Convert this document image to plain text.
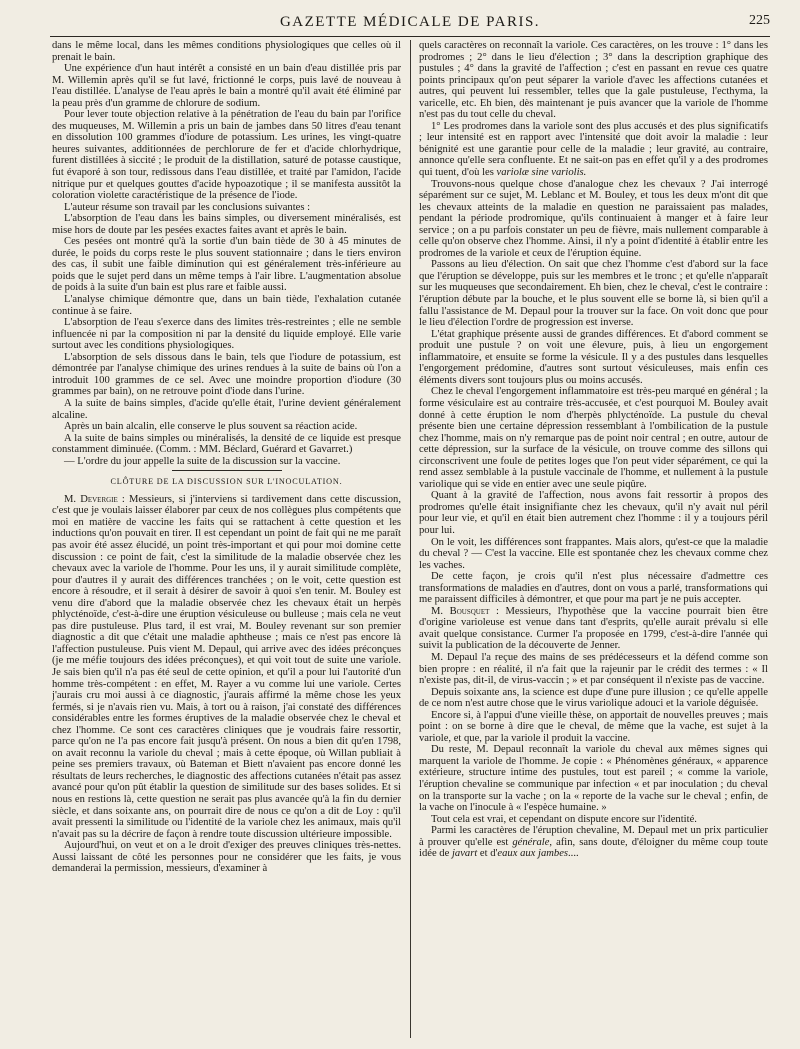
GAZETTE MÉDICALE DE PARIS.	225

dans le même local, dans les mêmes conditions physiologiques que celles où il prenait le bain.

Une expérience d'un haut intérêt a consisté en un bain d'eau distillée pris par M. Willemin après qu'il se fut lavé, frictionné le corps, puis lavé de nouveau à l'eau distillée. L'analyse de l'eau après le bain a montré qu'il avait été éliminé par la peau près d'un gramme de chlorure de sodium.

Pour lever toute objection relative à la pénétration de l'eau du bain par l'orifice des muqueuses, M. Willemin a pris un bain de jambes dans 50 litres d'eau tenant en dissolution 100 grammes d'iodure de potassium. Les urines, les vingt-quatre heures suivantes, additionnées de perchlorure de fer et d'acide chlorhydrique, furent distillées à siccité ; le produit de la distillation, saturé de potasse caustique, fut évaporé à son tour, redissous dans l'eau distillée, et traité par l'amidon, l'acide nitrique pur et quelques gouttes d'acide hypoazotique ; il se manifesta aussitôt la coloration violette caractéristique de la présence de l'iode.

L'auteur résume son travail par les conclusions suivantes :

L'absorption de l'eau dans les bains simples, ou diversement minéralisés, est mise hors de doute par les pesées exactes faites avant et après le bain.

Ces pesées ont montré qu'à la sortie d'un bain tiède de 30 à 45 minutes de durée, le poids du corps reste le plus souvent stationnaire ; dans le tiers environ des cas, il subit une faible diminution qui est généralement très-inférieure au poids que le sujet perd dans un même temps à l'air libre. L'augmentation absolue de poids à la suite d'un bain est plus rare et faible aussi.

L'analyse chimique démontre que, dans un bain tiède, l'exhalation cutanée continue à se faire.

L'absorption de l'eau s'exerce dans des limites très-restreintes ; elle ne semble influencée ni par la composition ni par la densité du liquide employé. Elle varie surtout avec les conditions physiologiques.

L'absorption de sels dissous dans le bain, tels que l'iodure de potassium, est démontrée par l'analyse chimique des urines rendues à la suite de bains où l'on a introduit 100 grammes de ce sel. Avec une moindre proportion d'iodure (30 grammes par bain), on ne retrouve point d'iode dans l'urine.

A la suite de bains simples, d'acide qu'elle était, l'urine devient généralement alcaline.

Après un bain alcalin, elle conserve le plus souvent sa réaction acide.

A la suite de bains simples ou minéralisés, la densité de ce liquide est presque constamment diminuée. (Comm. : MM. Béclard, Guérard et Gavarret.)

— L'ordre du jour appelle la suite de la discussion sur la vaccine.

CLÔTURE DE LA DISCUSSION SUR L'INOCULATION.

M. Devergie : Messieurs, si j'interviens si tardivement dans cette discussion, c'est que je voulais laisser élaborer par ceux de nos collègues plus compétents que moi en matière de vaccine les faits qui se rattachent à cette question et les inductions qu'on pouvait en tirer. Il est cependant un point de fait qui ne me paraît pas avoir été assez élucidé, un point très-important et qui pour moi domine cette discussion : ce point de fait, c'est la similitude de la maladie observée chez les chevaux avec la variole de l'homme. Pour les uns, il y aurait similitude complète, pour d'autres il y aurait des différences tranchées ; on le voit, cette question est encore à résoudre, et il serait à désirer de savoir à quoi s'en tenir. M. Bouley est venu dire d'abord que la maladie observée chez les chevaux était un herpès phlycténoïde, c'est-à-dire une éruption vésiculeuse ou bulleuse ; mais cela ne veut pas dire pustuleuse. Plus tard, il est vrai, M. Bouley revenant sur son premier diagnostic a dit que c'était une maladie aphtheuse ; mais ce n'est pas encore là l'affection pustuleuse. Puis vient M. Depaul, qui arrive avec des idées préconçues (je me méfie toujours des idées préconçues), et qui voit tout de suite une variole. Je sais bien qu'il n'a pas été seul de cette opinion, et qu'il a pour lui l'autorité d'un homme très-compétent : en effet, M. Rayer a vu comme lui une variole. Certes j'aurais cru moi aussi à ce diagnostic, j'aurais affirmé la même chose les yeux fermés, si je n'avais rien vu. Mais, à tort ou à raison, j'ai constaté des différences considérables entre les formes éruptives de la maladie observée chez le cheval et chez l'homme. Ce sont ces caractères cliniques que je voudrais faire ressortir, parce qu'on ne l'a pas encore fait jusqu'à présent. On nous a bien dit qu'en 1798, on avait reconnu la variole du cheval ; mais à cette époque, où Willan publiait à peine ses premiers travaux, où Bateman et Biett n'avaient pas encore donné les résultats de leurs recherches, le diagnostic des affections cutanées n'était pas assez avancé pour qu'on pût établir la question de similitude sur des bases solides. Et si nous en restions là, cette question ne serait pas plus avancée qu'à la fin du dernier siècle, et dans soixante ans, on pourrait dire de nous ce qu'on a dit de Loy : qu'il avait pressenti la similitude ou l'identité de la variole chez les animaux, mais qu'il n'avait pas su la décrire de façon à rendre toute discussion ultérieure impossible.

Aujourd'hui, on veut et on a le droit d'exiger des preuves cliniques très-nettes. Aussi laissant de côté les personnes pour ne considérer que les faits, je vous demanderai la permission, messieurs, d'examiner à

quels caractères on reconnaît la variole. Ces caractères, on les trouve : 1° dans les prodromes ; 2° dans le lieu d'élection ; 3° dans la description graphique des pustules ; 4° dans la gravité de l'affection ; c'est en passant en revue ces quatre points principaux qu'on peut séparer la variole d'avec les affections cutanées et autres, qui peuvent lui ressembler, telles que la gale pustuleuse, l'ecthyma, la varicelle, etc. Eh bien, dès maintenant je puis avancer que la variole de l'homme n'est pas du tout celle du cheval.

1° Les prodromes dans la variole sont des plus accusés et des plus significatifs ; leur intensité est en rapport avec l'intensité que doit avoir la maladie : leur bénignité est une garantie pour celle de la maladie ; leur gravité, au contraire, annonce qu'elle sera confluente. Et ne sait-on pas en effet qu'il y a des prodromes qui tuent, d'où les variolæ sine variolis.

Trouvons-nous quelque chose d'analogue chez les chevaux ? J'ai interrogé séparément sur ce sujet, M. Leblanc et M. Bouley, et tous les deux m'ont dit que les chevaux atteints de la maladie en question ne paraissaient pas malades, pendant la période prodromique, qu'ils continuaient à manger et à faire leur service ; on a pu parfois constater un peu de fièvre, mais nullement comparable à celle qu'on observe chez l'homme. Ainsi, il n'y a point d'identité à établir entre les prodromes de la variole et ceux de l'éruption équine.

Passons au lieu d'élection. On sait que chez l'homme c'est d'abord sur la face que l'éruption se développe, puis sur les membres et le tronc ; et qu'elle n'apparaît sur les muqueuses que secondairement. Eh bien, chez le cheval, c'est le contraire : l'éruption débute par la bouche, et le plus souvent elle se borne là, si bien qu'il a fallu l'assistance de M. Depaul pour la trouver sur la face. On voit donc que pour le lieu d'élection l'ordre de progression est inverse.

L'état graphique présente aussi de grandes différences. Et d'abord comment se produit une pustule ? on voit une élevure, puis, à lieu un engorgement inflammatoire, et ensuite se forme la vésicule. Il y a des pustules dans lesquelles l'engorgement prédomine, d'autres sont surtout vésiculeuses, mais enfin ces éléments divers sont toujours plus ou moins accusés.

Chez le cheval l'engorgement inflammatoire est très-peu marqué en général ; la forme vésiculaire est au contraire très-accusée, et c'est pourquoi M. Bouley avait donné à cette éruption le nom d'herpès phlycténoïde. La pustule du cheval présente bien une certaine dépression ressemblant à l'ombilication de la pustule chez l'homme, mais on n'y remarque pas de point noir central ; en outre, autour de cette dépression, sur la surface de la vésicule, on trouve comme des sillons qui circonscrivent une foule de petites loges que l'on peut vider séparément, ce qui la rend assez semblable à la pustule vaccinale de l'homme, et nullement à la pustule variolique qui se vide en entier avec une seule piqûre.

Quant à la gravité de l'affection, nous avons fait ressortir à propos des prodromes qu'elle était insignifiante chez les chevaux, qu'il n'y avait nul péril pour leur vie, et qu'il en était bien autrement chez l'homme : il y a toujours péril pour lui.

On le voit, les différences sont frappantes. Mais alors, qu'est-ce que la maladie du cheval ? — C'est la vaccine. Elle est spontanée chez les chevaux comme chez les vaches.

De cette façon, je crois qu'il n'est plus nécessaire d'admettre ces transformations de maladies en d'autres, dont on vous a parlé, transformations qui me paraissent difficiles à démontrer, et que pour ma part je ne puis accepter.

M. Bousquet : Messieurs, l'hypothèse que la vaccine pourrait bien être d'origine varioleuse est venue dans tant d'esprits, qu'elle aurait prévalu si elle avait quelque consistance. Curmer l'a proposée en 1799, c'est-à-dire l'année qui suivit la publication de la découverte de Jenner.

M. Depaul l'a reçue des mains de ses prédécesseurs et la défend comme son bien propre : en réalité, il n'a fait que la rajeunir par le crédit des termes : « Il n'existe pas, dit-il, de virus-vaccin ; » et par conséquent il n'existe pas de vaccine.

Depuis soixante ans, la science est dupe d'une pure illusion ; ce qu'elle appelle de ce nom n'est autre chose que le virus variolique adouci et la variole déguisée.

Encore si, à l'appui d'une vieille thèse, on apportait de nouvelles preuves ; mais point : on se borne à dire que le cheval, de même que la vache, est sujet à la variole, et que, par la variole il produit la vaccine.

Du reste, M. Depaul reconnaît la variole du cheval aux mêmes signes qui marquent la variole de l'homme. Je copie : « Phénomènes généraux, « apparence extérieure, structure intime des pustules, tout est pareil ; « comme la variole, l'éruption chevaline se communique par infection « et par inoculation ; du cheval on la transporte sur la vache ; on la « reporte de la vache sur le cheval ; enfin, de la vache on l'inocule à « l'espèce humaine. »

Tout cela est vrai, et cependant on dispute encore sur l'identité.

Parmi les caractères de l'éruption chevaline, M. Depaul met un prix particulier à prouver qu'elle est générale, afin, sans doute, d'éloigner du même coup toute idée de javart et d'eaux aux jambes....
